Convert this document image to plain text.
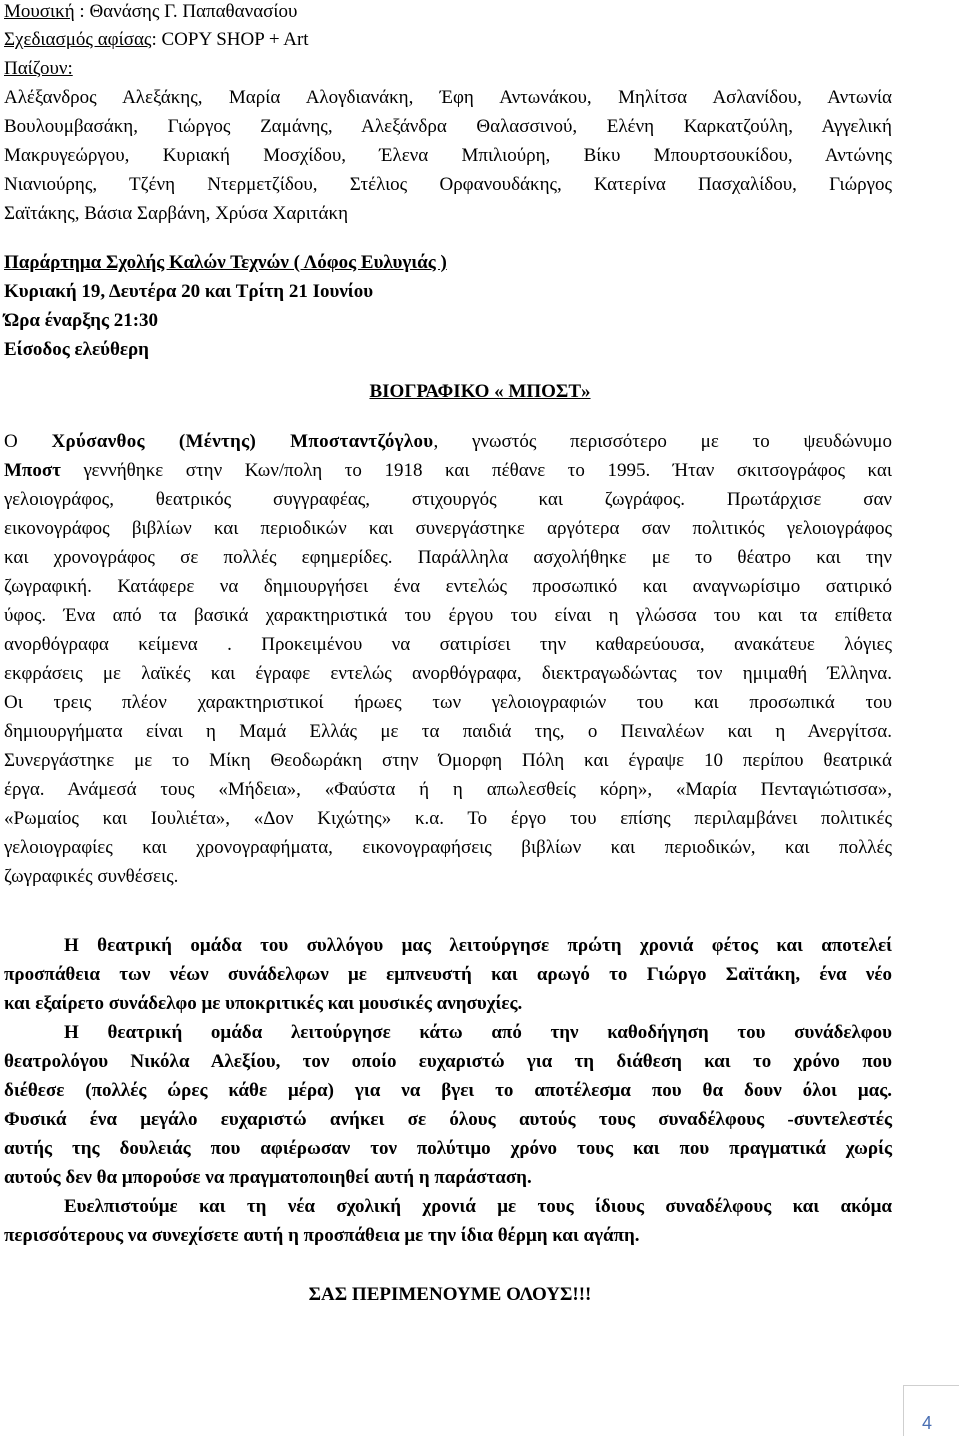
Μουσική : Θανάσης Γ. Παπαθανασίου
Σχεδιασμός αφίσας: COPY SHOP + Art
Παίζουν:
Αλέξανδρος Αλεξάκης, Μαρία Αλογδιανάκη, Έφη Αντωνάκου, Μηλίτσα Ασλανίδου, Αντωνία
Βουλουμβασάκη, Γιώργος Ζαμάνης, Αλεξάνδρα Θαλασσινού, Ελένη Καρκατζούλη, Αγγελική
Μακρυγεώργου, Κυριακή Μοσχίδου, Έλενα Μπιλιούρη, Βίκυ Μπουρτσουκίδου, Αντώνης
Νιανιούρης, Τζένη Ντερμετζίδου, Στέλιος Ορφανουδάκης, Κατερίνα Πασχαλίδου, Γιώργος
Σαϊτάκης, Βάσια Σαρβάνη, Χρύσα Χαριτάκη
Παράρτημα Σχολής Καλών Τεχνών ( Λόφος Ευλυγιάς )
Κυριακή 19, Δευτέρα 20 και Τρίτη 21 Ιουνίου
Ώρα έναρξης 21:30
Είσοδος ελεύθερη
ΒΙΟΓΡΑΦΙΚΟ « ΜΠΟΣΤ»
Ο Χρύσανθος (Μέντης) Μποσταντζόγλου, γνωστός περισσότερο με το ψευδώνυμο
Μποστ γεννήθηκε στην Κων/πολη το 1918 και πέθανε το 1995. Ήταν σκιτσογράφος και
γελοιογράφος, θεατρικός συγγραφέας, στιχουργός και ζωγράφος. Πρωτάρχισε σαν
εικονογράφος βιβλίων και περιοδικών και συνεργάστηκε αργότερα σαν πολιτικός γελοιογράφος
και χρονογράφος σε πολλές εφημερίδες. Παράλληλα ασχολήθηκε με το θέατρο και την
ζωγραφική. Κατάφερε να δημιουργήσει ένα εντελώς προσωπικό και αναγνωρίσιμο σατιρικό
ύφος. Ένα από τα βασικά χαρακτηριστικά του έργου του είναι η γλώσσα του και τα επίθετα
ανορθόγραφα κείμενα . Προκειμένου να σατιρίσει την καθαρεύουσα, ανακάτευε λόγιες
εκφράσεις με λαϊκές και έγραφε εντελώς ανορθόγραφα, διεκτραγωδώντας τον ημιμαθή Έλληνα.
Οι τρεις πλέον χαρακτηριστικοί ήρωες των γελοιογραφιών του και προσωπικά του
δημιουργήματα είναι η Μαμά Ελλάς με τα παιδιά της, ο Πειναλέων και η Ανεργίτσα.
Συνεργάστηκε με το Μίκη Θεοδωράκη στην Όμορφη Πόλη και έγραψε 10 περίπου θεατρικά
έργα. Ανάμεσά τους «Μήδεια», «Φαύστα ή η απωλεσθείς κόρη», «Μαρία Πενταγιώτισσα»,
«Ρωμαίος και Ιουλιέτα», «Δον Κιχώτης» κ.α. Το έργο του επίσης περιλαμβάνει πολιτικές
γελοιογραφίες και χρονογραφήματα, εικονογραφήσεις βιβλίων και περιοδικών, και πολλές
ζωγραφικές συνθέσεις.
Η θεατρική ομάδα του συλλόγου μας λειτούργησε πρώτη χρονιά φέτος και αποτελεί
προσπάθεια των νέων συνάδελφων με εμπνευστή και αρωγό το Γιώργο Σαϊτάκη, ένα νέο
και εξαίρετο συνάδελφο με υποκριτικές και μουσικές ανησυχίες.
Η θεατρική ομάδα λειτούργησε κάτω από την καθοδήγηση του συνάδελφου
θεατρολόγου Νικόλα Αλεξίου, τον οποίο ευχαριστώ για τη διάθεση και το χρόνο που
διέθεσε (πολλές ώρες κάθε μέρα) για να βγει το αποτέλεσμα που θα δουν όλοι μας.
Φυσικά ένα μεγάλο ευχαριστώ ανήκει σε όλους αυτούς τους συναδέλφους -συντελεστές
αυτής της δουλειάς που αφιέρωσαν τον πολύτιμο χρόνο τους και που πραγματικά χωρίς
αυτούς δεν θα μπορούσε να πραγματοποιηθεί αυτή η παράσταση.
Ευελπιστούμε και τη νέα σχολική χρονιά με τους ίδιους συναδέλφους και ακόμα
περισσότερους να συνεχίσετε αυτή η προσπάθεια με την ίδια θέρμη και αγάπη.
ΣΑΣ ΠΕΡΙΜΕΝΟΥΜΕ ΟΛΟΥΣ!!!
4
